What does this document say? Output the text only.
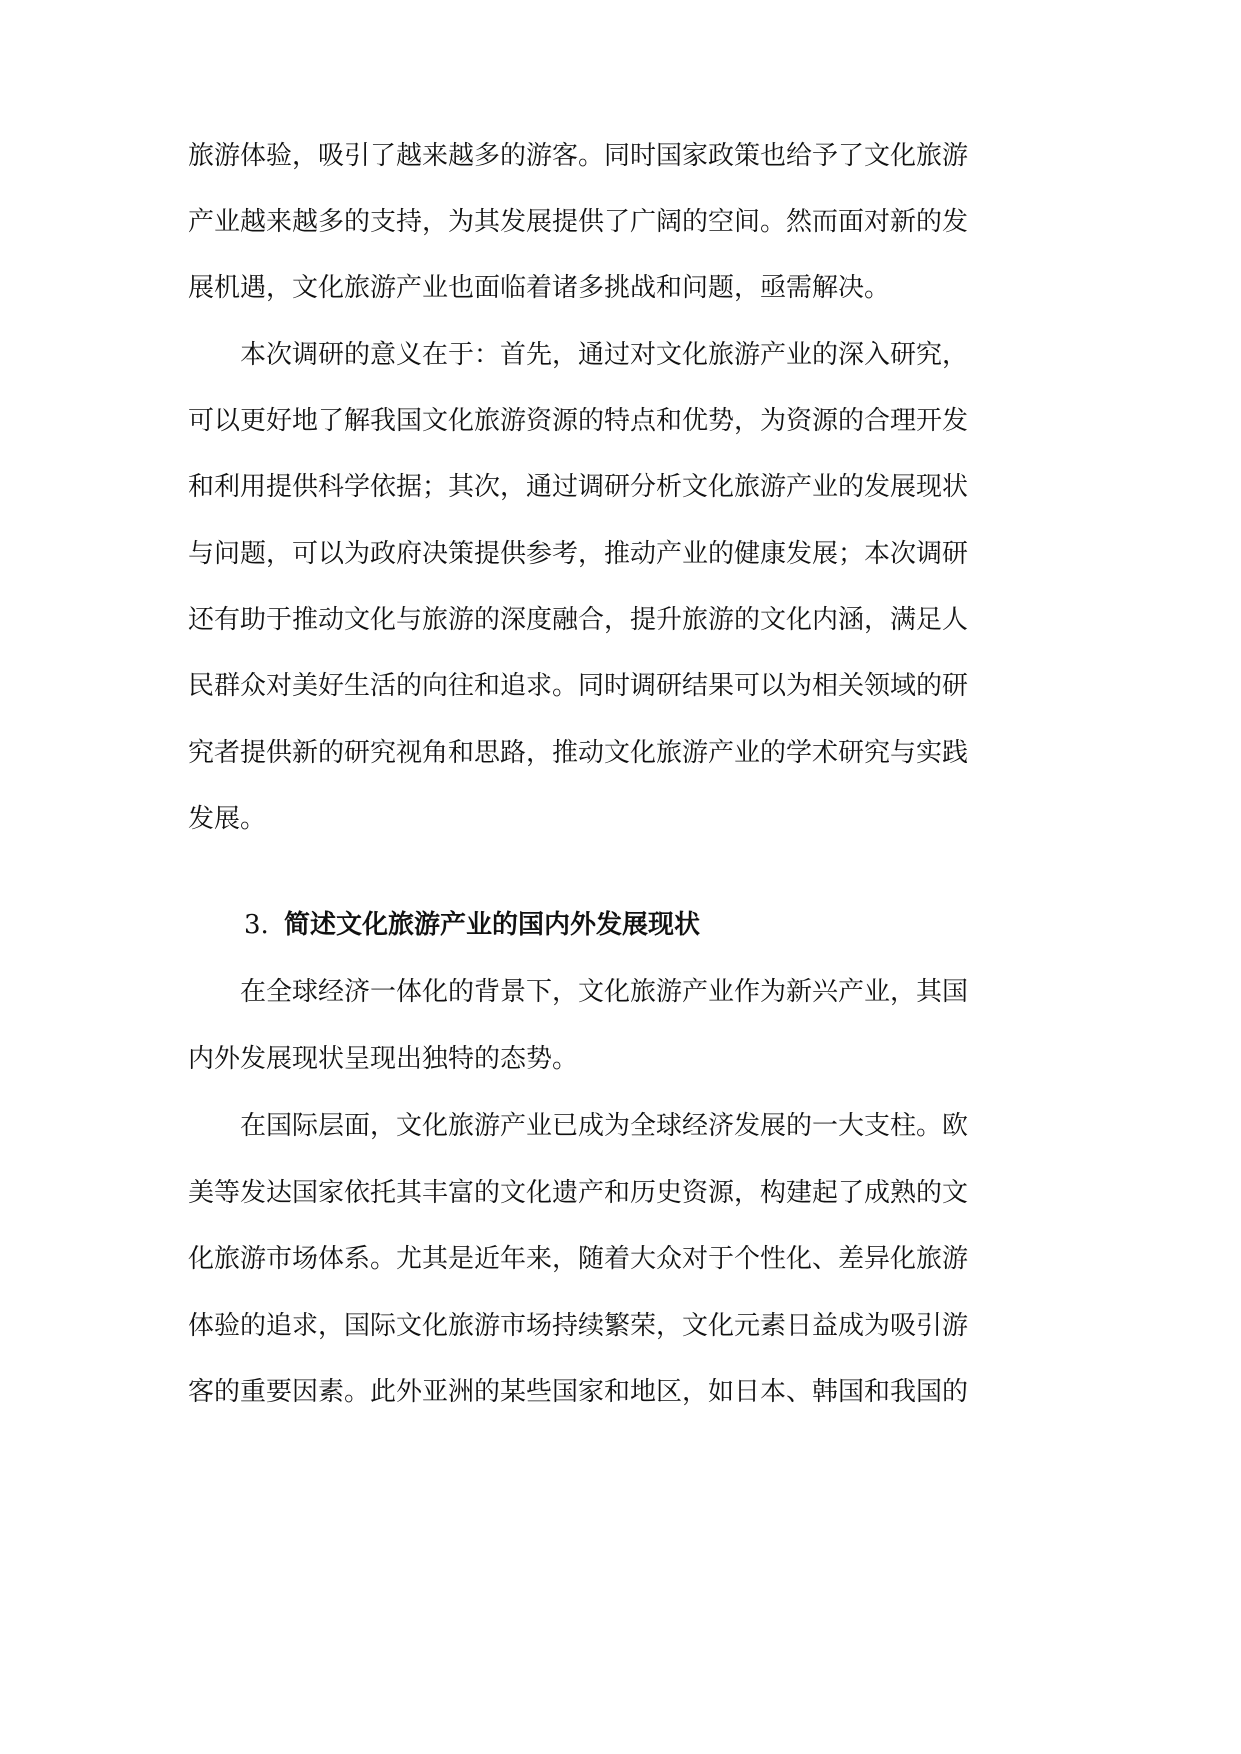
旅游体验，吸引了越来越多的游客。同时国家政策也给予了文化旅游
产业越来越多的支持，为其发展提供了广阔的空间。然而面对新的发
展机遇，文化旅游产业也面临着诸多挑战和问题，亟需解决。
本次调研的意义在于：首先，通过对文化旅游产业的深入研究，
可以更好地了解我国文化旅游资源的特点和优势，为资源的合理开发
和利用提供科学依据；其次，通过调研分析文化旅游产业的发展现状
与问题，可以为政府决策提供参考，推动产业的健康发展；本次调研
还有助于推动文化与旅游的深度融合，提升旅游的文化内涵，满足人
民群众对美好生活的向往和追求。同时调研结果可以为相关领域的研
究者提供新的研究视角和思路，推动文化旅游产业的学术研究与实践
发展。
3. 简述文化旅游产业的国内外发展现状
在全球经济一体化的背景下，文化旅游产业作为新兴产业，其国
内外发展现状呈现出独特的态势。
在国际层面，文化旅游产业已成为全球经济发展的一大支柱。欧
美等发达国家依托其丰富的文化遗产和历史资源，构建起了成熟的文
化旅游市场体系。尤其是近年来，随着大众对于个性化、差异化旅游
体验的追求，国际文化旅游市场持续繁荣，文化元素日益成为吸引游
客的重要因素。此外亚洲的某些国家和地区，如日本、韩国和我国的
